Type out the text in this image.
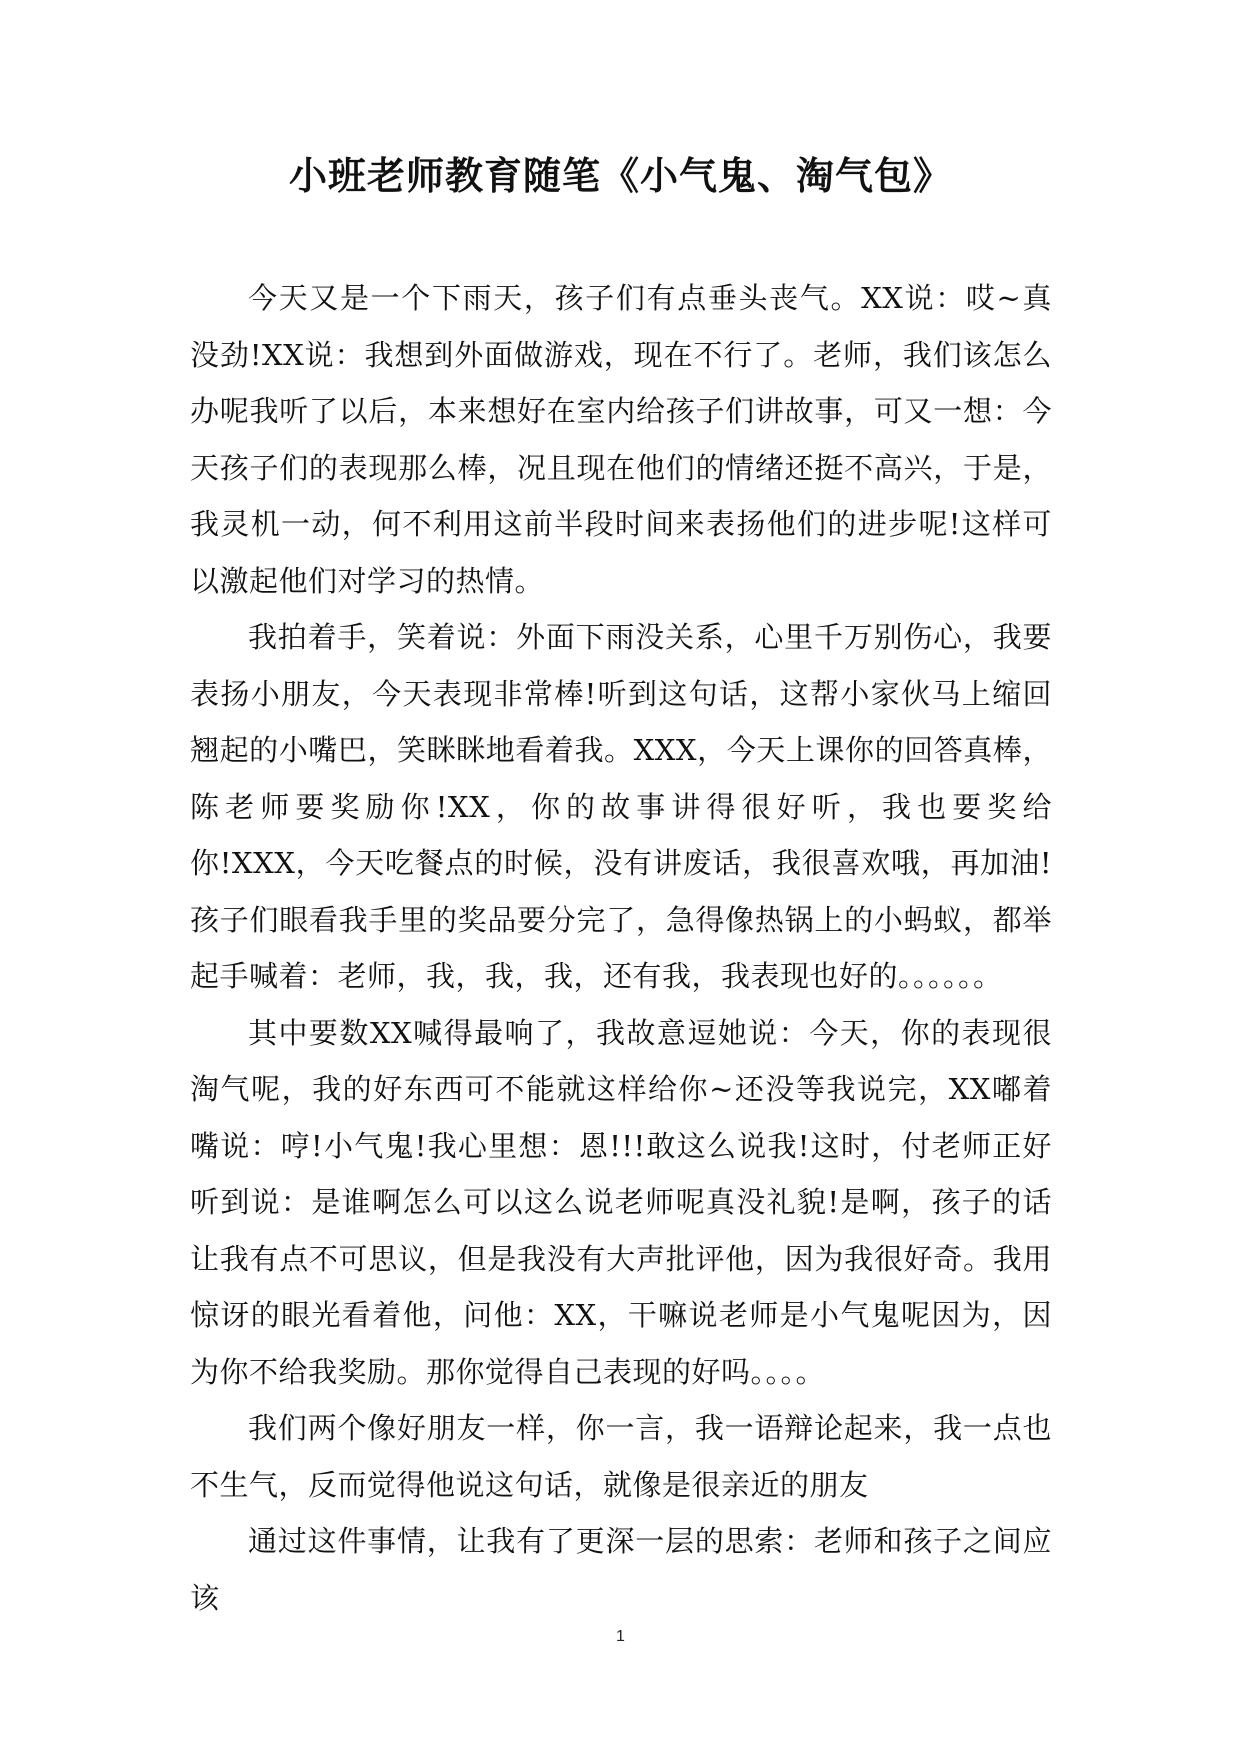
小班老师教育随笔《小气鬼、淘气包》

今天又是一个下雨天，孩子们有点垂头丧气。XX说：哎~真没劲!XX说：我想到外面做游戏，现在不行了。老师，我们该怎么办呢我听了以后，本来想好在室内给孩子们讲故事，可又一想：今天孩子们的表现那么棒，况且现在他们的情绪还挺不高兴，于是，我灵机一动，何不利用这前半段时间来表扬他们的进步呢!这样可以激起他们对学习的热情。

我拍着手，笑着说：外面下雨没关系，心里千万别伤心，我要表扬小朋友，今天表现非常棒!听到这句话，这帮小家伙马上缩回翘起的小嘴巴，笑眯眯地看着我。XXX，今天上课你的回答真棒，陈老师要奖励你!XX，你的故事讲得很好听，我也要奖给你!XXX，今天吃餐点的时候，没有讲废话，我很喜欢哦，再加油!孩子们眼看我手里的奖品要分完了，急得像热锅上的小蚂蚁，都举起手喊着：老师，我，我，我，还有我，我表现也好的。。。。。。

其中要数XX喊得最响了，我故意逗她说：今天，你的表现很淘气呢，我的好东西可不能就这样给你~还没等我说完，XX嘟着嘴说：哼!小气鬼!我心里想：恩!!!敢这么说我!这时，付老师正好听到说：是谁啊怎么可以这么说老师呢真没礼貌!是啊，孩子的话让我有点不可思议，但是我没有大声批评他，因为我很好奇。我用惊讶的眼光看着他，问他：XX，干嘛说老师是小气鬼呢因为，因为你不给我奖励。那你觉得自己表现的好吗。。。。

我们两个像好朋友一样，你一言，我一语辩论起来，我一点也不生气，反而觉得他说这句话，就像是很亲近的朋友

通过这件事情，让我有了更深一层的思索：老师和孩子之间应该

1
